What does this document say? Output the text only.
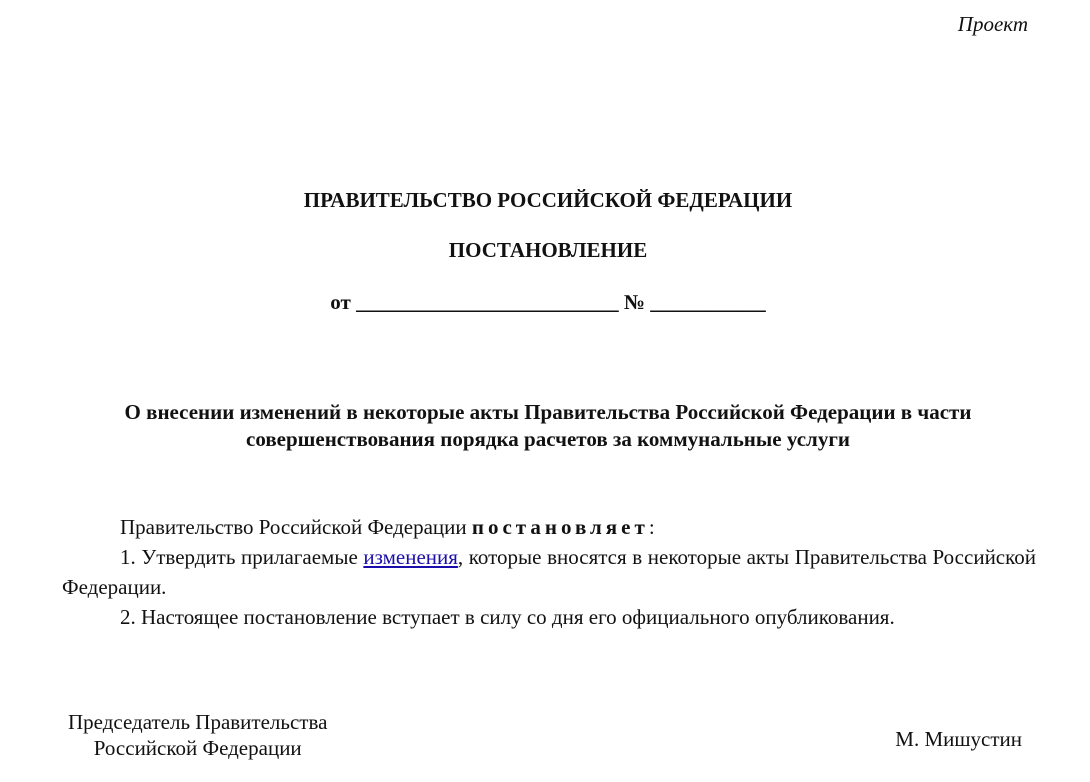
Проект
ПРАВИТЕЛЬСТВО РОССИЙСКОЙ ФЕДЕРАЦИИ
ПОСТАНОВЛЕНИЕ
от _________________________ № ___________
О внесении изменений в некоторые акты Правительства Российской Федерации в части
совершенствования порядка расчетов за коммунальные услуги

Правительство Российской Федерации постановляет:

1. Утвердить прилагаемые изменения, которые вносятся в некоторые акты Правительства Российской Федерации.

2. Настоящее постановление вступает в силу со дня его официального опубликования.

Председатель Правительства
Российской Федерации	М. Мишустин
